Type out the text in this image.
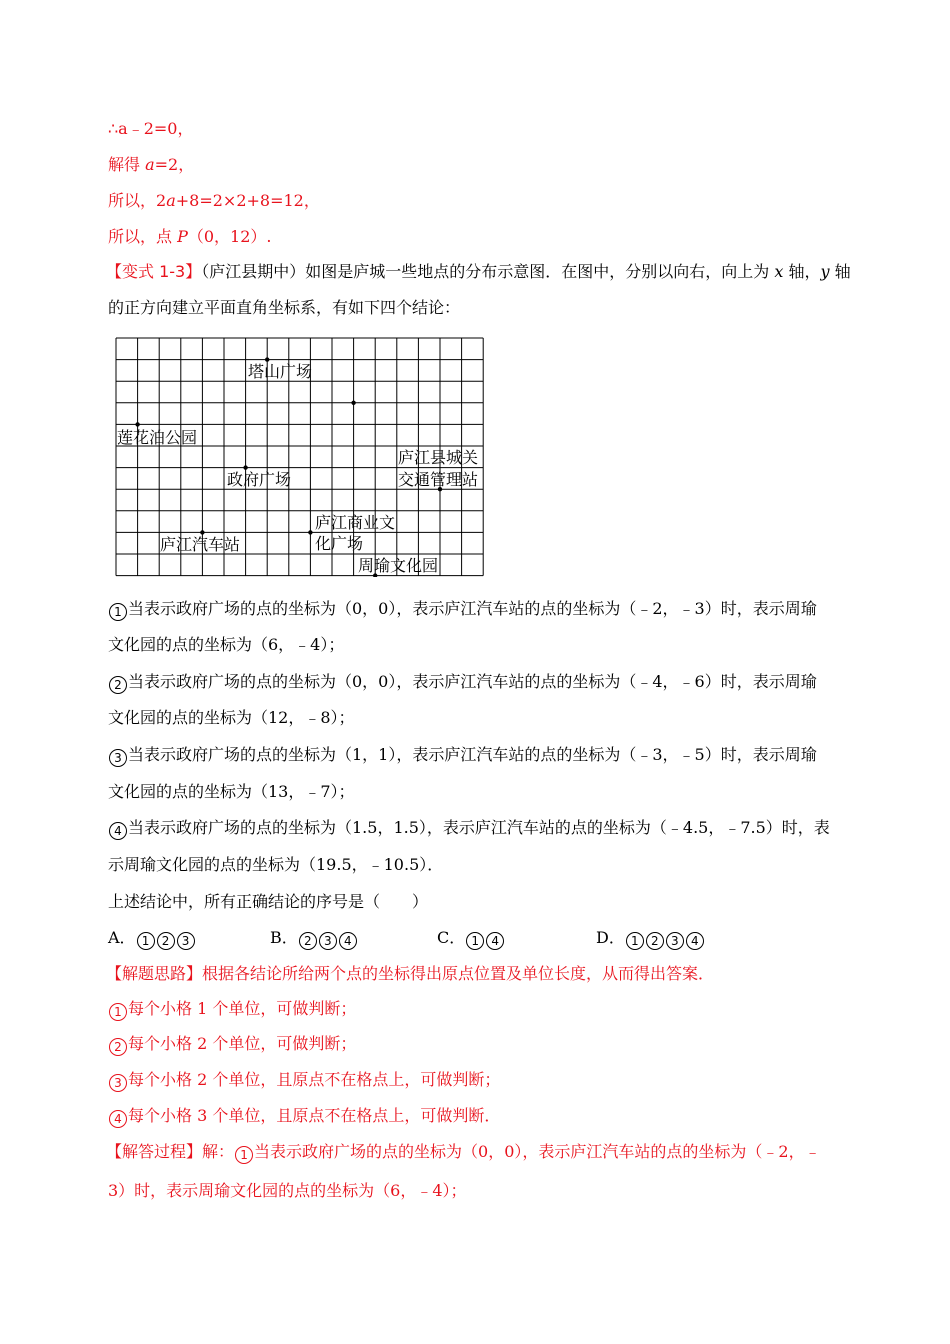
∴a﹣2=0，
解得 a=2，
所以，2a+8=2×2+8=12，
所以，点 P（0，12）.
【变式 1-3】（庐江县期中）如图是庐城一些地点的分布示意图．在图中，分别以向右，向上为 x 轴，y 轴
的正方向建立平面直角坐标系，有如下四个结论：
塔山广场
莲花泊公园
庐江县城关
交通管理站
政府广场
庐江商业文
化广场
庐江汽车站
周瑜文化园
1 当表示政府广场的点的坐标为（0，0），表示庐江汽车站的点的坐标为（﹣2，﹣3）时，表示周瑜
文化园的点的坐标为（6，﹣4）；
2 当表示政府广场的点的坐标为（0，0），表示庐江汽车站的点的坐标为（﹣4，﹣6）时，表示周瑜
文化园的点的坐标为（12，﹣8）；
3 当表示政府广场的点的坐标为（1，1），表示庐江汽车站的点的坐标为（﹣3，﹣5）时，表示周瑜
文化园的点的坐标为（13，﹣7）；
4 当表示政府广场的点的坐标为（1.5，1.5），表示庐江汽车站的点的坐标为（﹣4.5，﹣7.5）时，表
示周瑜文化园的点的坐标为（19.5，﹣10.5）．
上述结论中，所有正确结论的序号是（　　）
A． 1 2 3	B． 2 3 4	C． 1 4	D． 1 2 3 4
【解题思路】根据各结论所给两个点的坐标得出原点位置及单位长度，从而得出答案．
1 每个小格 1 个单位，可做判断；
2 每个小格 2 个单位，可做判断；
3 每个小格 2 个单位，且原点不在格点上，可做判断；
4 每个小格 3 个单位，且原点不在格点上，可做判断．
【解答过程】解： 1 当表示政府广场的点的坐标为（0，0），表示庐江汽车站的点的坐标为（﹣2，﹣
3）时，表示周瑜文化园的点的坐标为（6，﹣4）；
